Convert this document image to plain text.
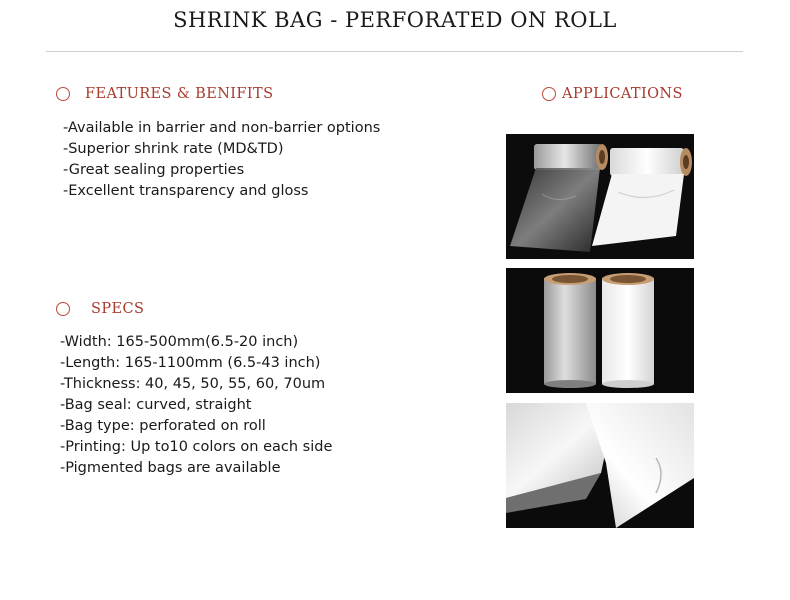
SHRINK BAG - PERFORATED ON ROLL
FEATURES & BENIFITS
-Available in barrier and non-barrier options
-Superior shrink rate (MD&TD)
-Great sealing properties
-Excellent transparency and gloss
SPECS
-Width: 165-500mm(6.5-20 inch)
-Length: 165-1100mm (6.5-43 inch)
-Thickness: 40, 45, 50, 55, 60, 70um
-Bag seal: curved, straight
-Bag type: perforated on roll
-Printing: Up to10 colors on each side
-Pigmented bags are available
APPLICATIONS
